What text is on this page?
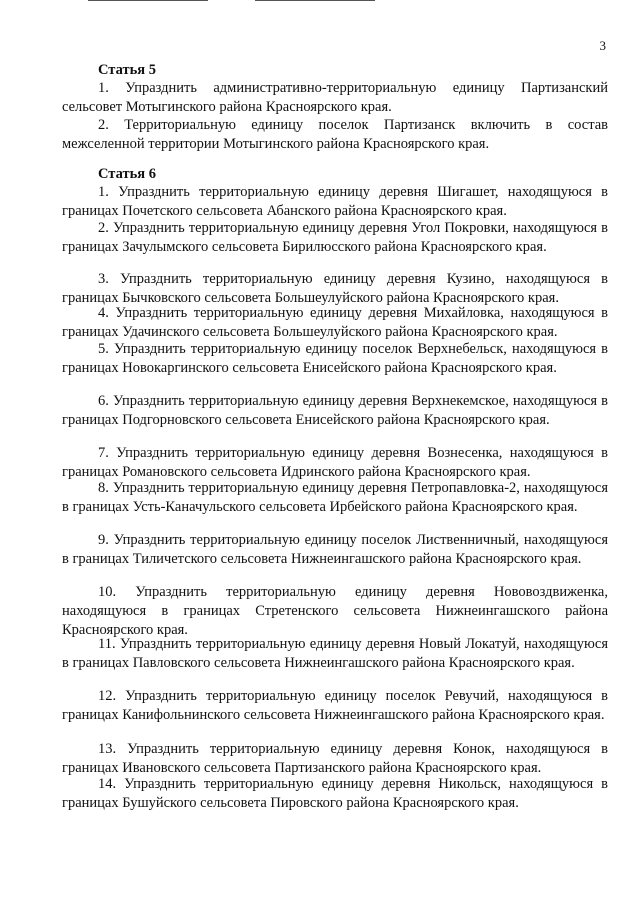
3
Статья 5
1. Упразднить административно-территориальную единицу Партизанский сельсовет Мотыгинского района Красноярского края.
2. Территориальную единицу поселок Партизанск включить в состав межселенной территории Мотыгинского района Красноярского края.
Статья 6
1. Упразднить территориальную единицу деревня Шигашет, находящуюся в границах Почетского сельсовета Абанского района Красноярского края.
2. Упразднить территориальную единицу деревня Угол Покровки, находящуюся в границах Зачулымского сельсовета Бирилюсского района Красноярского края.
3. Упразднить территориальную единицу деревня Кузино, находящуюся в границах Бычковского сельсовета Большеулуйского района Красноярского края.
4. Упразднить территориальную единицу деревня Михайловка, находящуюся в границах Удачинского сельсовета Большеулуйского района Красноярского края.
5. Упразднить территориальную единицу поселок Верхнебельск, находящуюся в границах Новокаргинского сельсовета Енисейского района Красноярского края.
6. Упразднить территориальную единицу деревня Верхнекемское, находящуюся в границах Подгорновского сельсовета Енисейского района Красноярского края.
7. Упразднить территориальную единицу деревня Вознесенка, находящуюся в границах Романовского сельсовета Идринского района Красноярского края.
8. Упразднить территориальную единицу деревня Петропавловка-2, находящуюся в границах Усть-Каначульского сельсовета Ирбейского района Красноярского края.
9. Упразднить территориальную единицу поселок Лиственничный, находящуюся в границах Тиличетского сельсовета Нижнеингашского района Красноярского края.
10. Упразднить территориальную единицу деревня Нововоздвиженка, находящуюся в границах Стретенского сельсовета Нижнеингашского района Красноярского края.
11. Упразднить территориальную единицу деревня Новый Локатуй, находящуюся в границах Павловского сельсовета Нижнеингашского района Красноярского края.
12. Упразднить территориальную единицу поселок Ревучий, находящуюся в границах Канифольнинского сельсовета Нижнеингашского района Красноярского края.
13. Упразднить территориальную единицу деревня Конок, находящуюся в границах Ивановского сельсовета Партизанского района Красноярского края.
14. Упразднить территориальную единицу деревня Никольск, находящуюся в границах Бушуйского сельсовета Пировского района Красноярского края.
